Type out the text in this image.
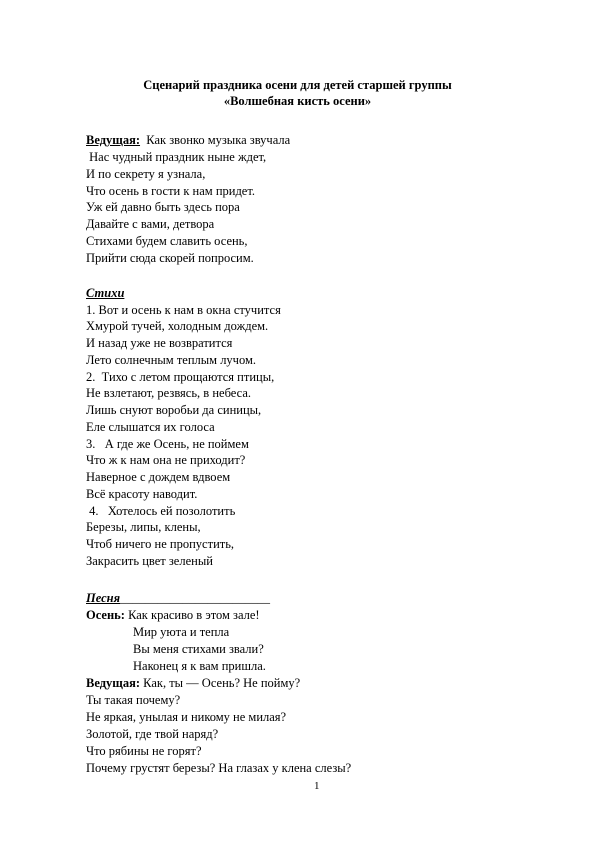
Сценарий праздника осени для детей старшей группы
«Волшебная кисть осени»
Ведущая:  Как звонко музыка звучала
Нас чудный праздник ныне ждет,
И по секрету я узнала,
Что осень в гости к нам придет.
Уж ей давно быть здесь пора
Давайте с вами, детвора
Стихами будем славить осень,
Прийти сюда скорей попросим.
Стихи
1. Вот и осень к нам в окна стучится
Хмурой тучей, холодным дождем.
И назад уже не возвратится
Лето солнечным теплым лучом.
2.  Тихо с летом прощаются птицы,
Не взлетают, резвясь, в небеса.
Лишь снуют воробьи да синицы,
Еле слышатся их голоса
3.   А где же Осень, не поймем
Что ж к нам она не приходит?
Наверное с дождем вдвоем
Всё красоту наводит.
4.   Хотелось ей позолотить
Березы, липы, клены,
Чтоб ничего не пропустить,
Закрасить цвет зеленый
Песня________________________
Осень: Как красиво в этом зале!
Мир уюта и тепла
Вы меня стихами звали?
Наконец я к вам пришла.
Ведущая: Как, ты — Осень? Не пойму?
Ты такая почему?
Не яркая, унылая и никому не милая?
Золотой, где твой наряд?
Что рябины не горят?
Почему грустят березы? На глазах у клена слезы?
1
